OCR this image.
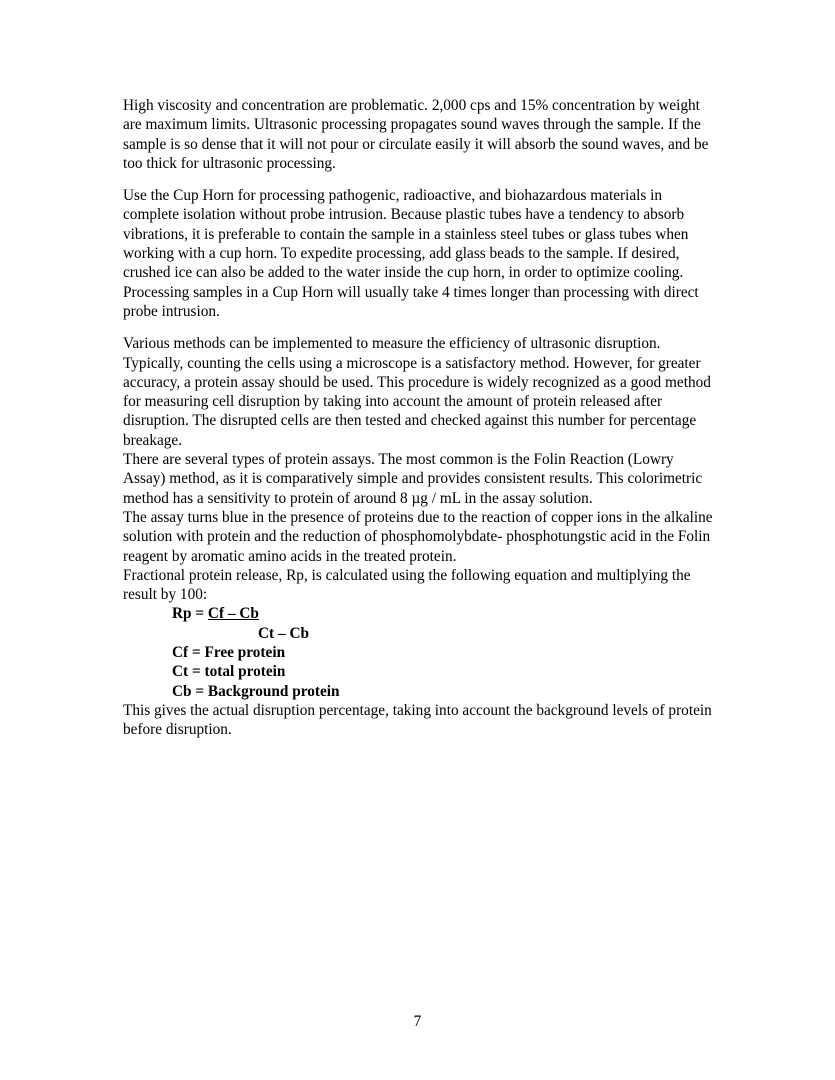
High viscosity and concentration are problematic. 2,000 cps and 15% concentration by weight are maximum limits. Ultrasonic processing propagates sound waves through the sample. If the sample is so dense that it will not pour or circulate easily it will absorb the sound waves, and be too thick for ultrasonic processing.

Use the Cup Horn for processing pathogenic, radioactive, and biohazardous materials in complete isolation without probe intrusion. Because plastic tubes have a tendency to absorb vibrations, it is preferable to contain the sample in a stainless steel tubes or glass tubes when working with a cup horn. To expedite processing, add glass beads to the sample. If desired, crushed ice can also be added to the water inside the cup horn, in order to optimize cooling. Processing samples in a Cup Horn will usually take 4 times longer than processing with direct probe intrusion.

Various methods can be implemented to measure the efficiency of ultrasonic disruption. Typically, counting the cells using a microscope is a satisfactory method. However, for greater accuracy, a protein assay should be used. This procedure is widely recognized as a good method for measuring cell disruption by taking into account the amount of protein released after disruption. The disrupted cells are then tested and checked against this number for percentage breakage.

There are several types of protein assays. The most common is the Folin Reaction (Lowry Assay) method, as it is comparatively simple and provides consistent results. This colorimetric method has a sensitivity to protein of around 8 µg / mL in the assay solution.

The assay turns blue in the presence of proteins due to the reaction of copper ions in the alkaline solution with protein and the reduction of phosphomolybdate- phosphotungstic acid in the Folin reagent by aromatic amino acids in the treated protein.

Fractional protein release, Rp, is calculated using the following equation and multiplying the result by 100:

Rp = Cf – Cb

Ct – Cb

Cf = Free protein

Ct = total protein

Cb = Background protein

This gives the actual disruption percentage, taking into account the background levels of protein before disruption.

7
